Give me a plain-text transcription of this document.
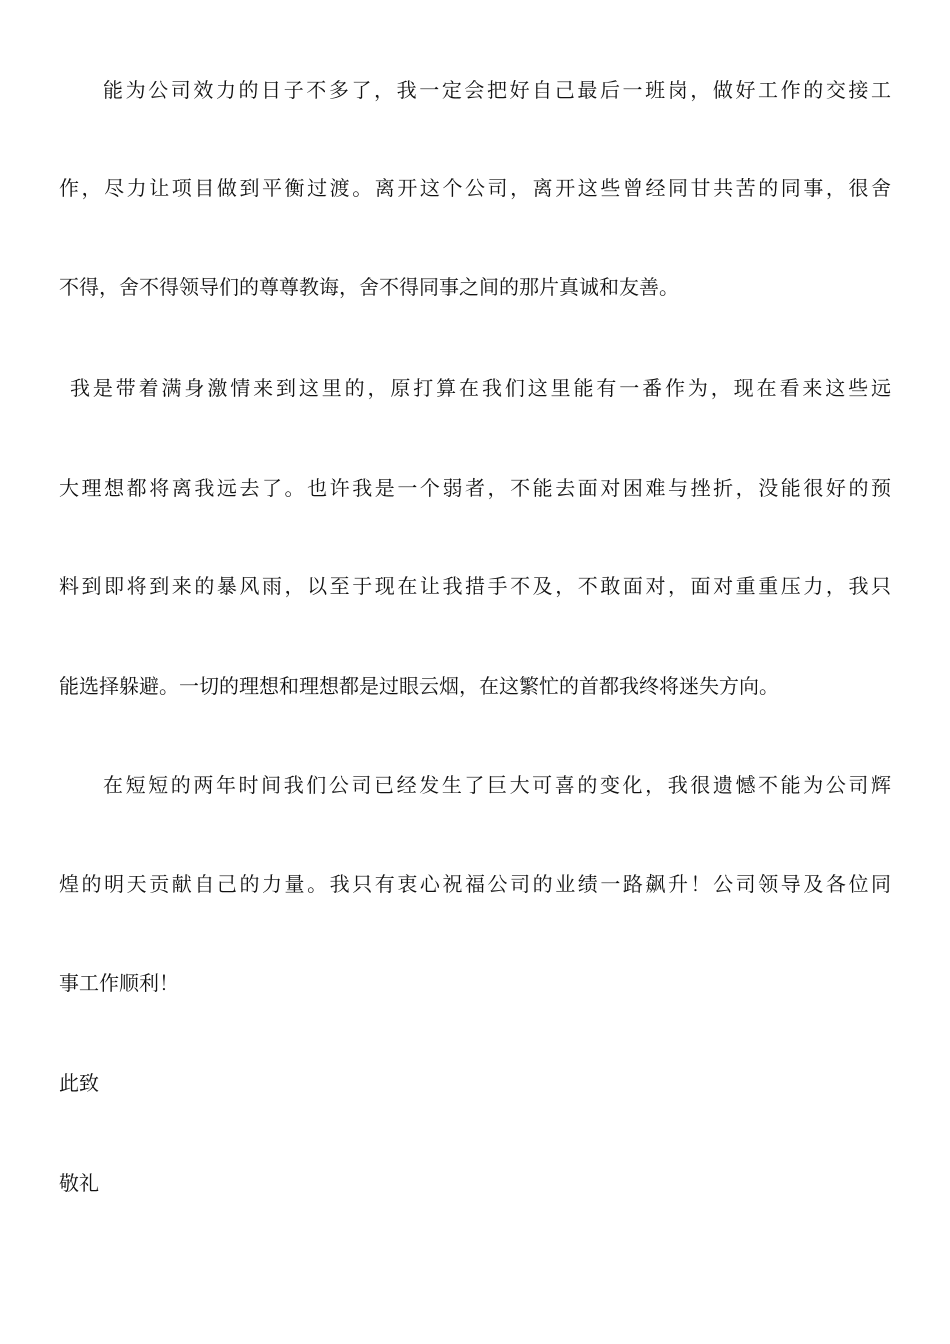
能为公司效力的日子不多了，我一定会把好自己最后一班岗，做好工作的交接工
作，尽力让项目做到平衡过渡。离开这个公司，离开这些曾经同甘共苦的同事，很舍
不得，舍不得领导们的尊尊教诲，舍不得同事之间的那片真诚和友善。
我是带着满身激情来到这里的，原打算在我们这里能有一番作为，现在看来这些远
大理想都将离我远去了。也许我是一个弱者，不能去面对困难与挫折，没能很好的预
料到即将到来的暴风雨，以至于现在让我措手不及，不敢面对，面对重重压力，我只
能选择躲避。一切的理想和理想都是过眼云烟，在这繁忙的首都我终将迷失方向。
在短短的两年时间我们公司已经发生了巨大可喜的变化，我很遗憾不能为公司辉
煌的明天贡献自己的力量。我只有衷心祝福公司的业绩一路飙升！公司领导及各位同
事工作顺利！
此致
敬礼
